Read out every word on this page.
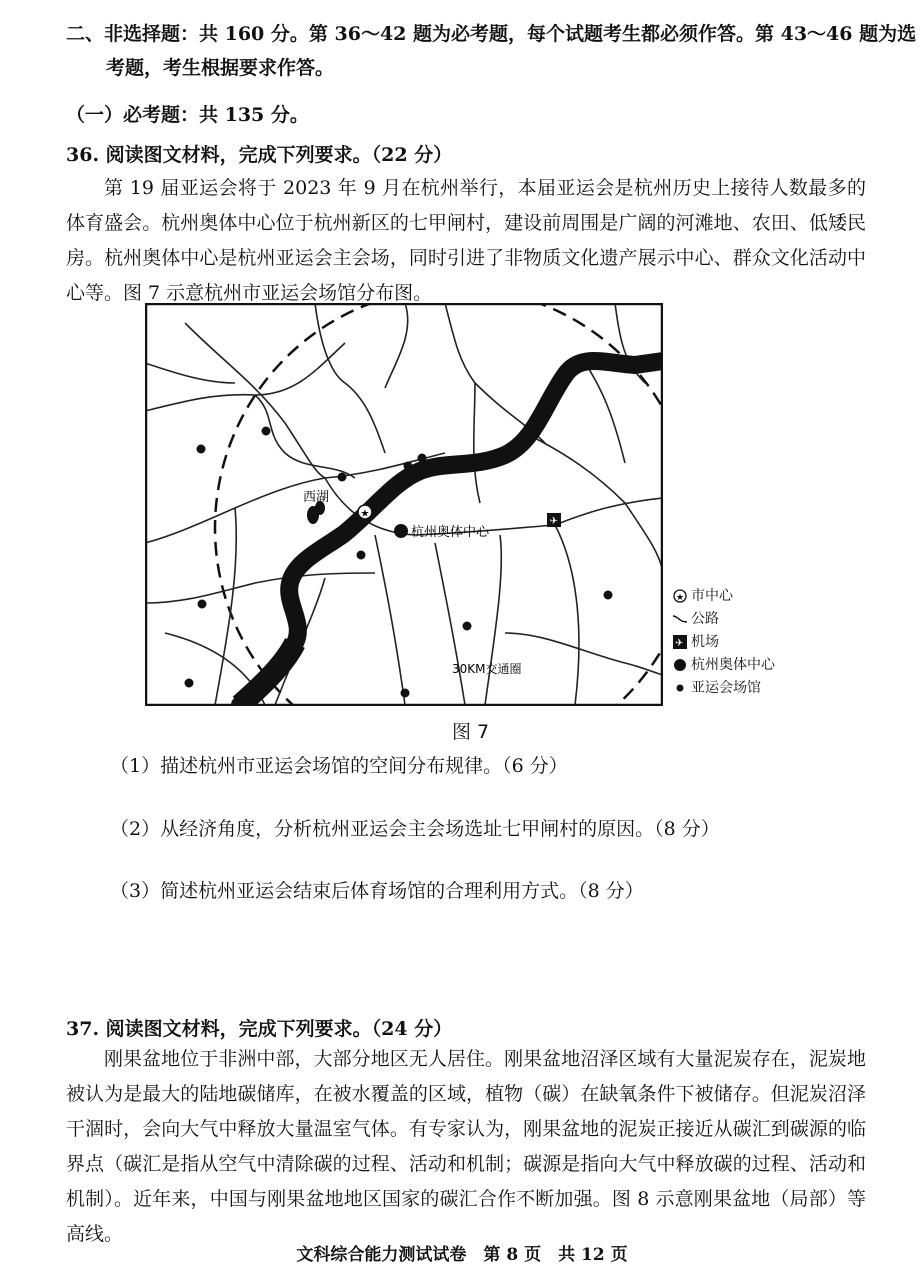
二、非选择题：共 160 分。第 36～42 题为必考题，每个试题考生都必须作答。第 43～46 题为选
考题，考生根据要求作答。
（一）必考题：共 135 分。
36. 阅读图文材料，完成下列要求。（22 分）
第 19 届亚运会将于 2023 年 9 月在杭州举行，本届亚运会是杭州历史上接待人数最多的体育盛会。杭州奥体中心位于杭州新区的七甲闸村，建设前周围是广阔的河滩地、农田、低矮民房。杭州奥体中心是杭州亚运会主会场，同时引进了非物质文化遗产展示中心、群众文化活动中心等。图 7 示意杭州市亚运会场馆分布图。
西湖
★
杭州奥体中心
✈
30KM交通圈
★ 市中心
公路
✈ 机场
杭州奥体中心
亚运会场馆
图 7
（1）描述杭州市亚运会场馆的空间分布规律。（6 分）
（2）从经济角度，分析杭州亚运会主会场选址七甲闸村的原因。（8 分）
（3）简述杭州亚运会结束后体育场馆的合理利用方式。（8 分）
37. 阅读图文材料，完成下列要求。（24 分）
刚果盆地位于非洲中部，大部分地区无人居住。刚果盆地沼泽区域有大量泥炭存在，泥炭地被认为是最大的陆地碳储库，在被水覆盖的区域，植物（碳）在缺氧条件下被储存。但泥炭沼泽干涸时，会向大气中释放大量温室气体。有专家认为，刚果盆地的泥炭正接近从碳汇到碳源的临界点（碳汇是指从空气中清除碳的过程、活动和机制；碳源是指向大气中释放碳的过程、活动和机制）。近年来，中国与刚果盆地地区国家的碳汇合作不断加强。图 8 示意刚果盆地（局部）等高线。
文科综合能力测试试卷　第 8 页　共 12 页
